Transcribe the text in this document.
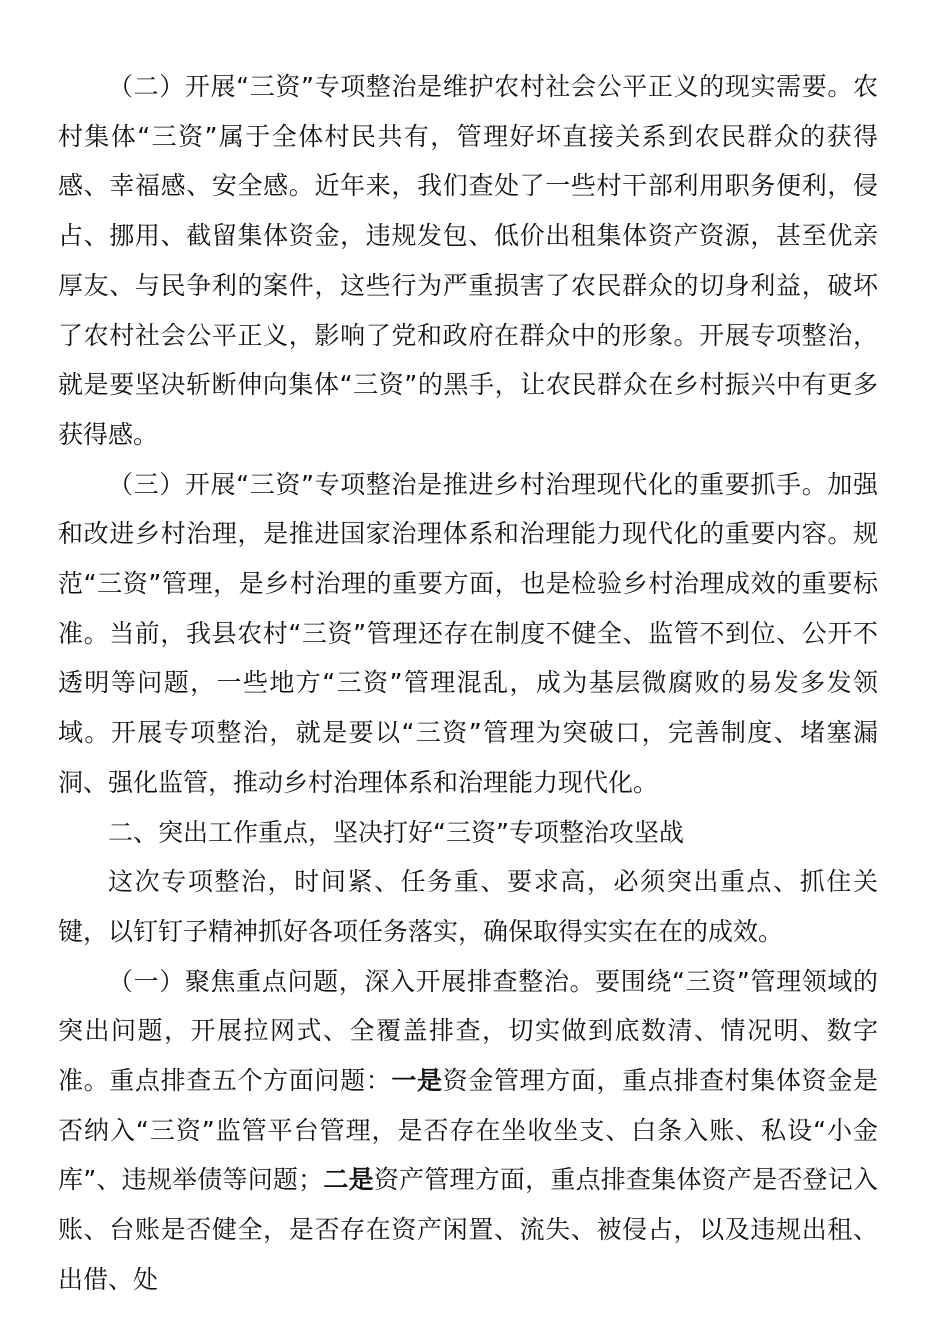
（二）开展“三资”专项整治是维护农村社会公平正义的现实需要。农村集体“三资”属于全体村民共有，管理好坏直接关系到农民群众的获得感、幸福感、安全感。近年来，我们查处了一些村干部利用职务便利，侵占、挪用、截留集体资金，违规发包、低价出租集体资产资源，甚至优亲厚友、与民争利的案件，这些行为严重损害了农民群众的切身利益，破坏了农村社会公平正义，影响了党和政府在群众中的形象。开展专项整治，就是要坚决斩断伸向集体“三资”的黑手，让农民群众在乡村振兴中有更多获得感。

（三）开展“三资”专项整治是推进乡村治理现代化的重要抓手。加强和改进乡村治理，是推进国家治理体系和治理能力现代化的重要内容。规范“三资”管理，是乡村治理的重要方面，也是检验乡村治理成效的重要标准。当前，我县农村“三资”管理还存在制度不健全、监管不到位、公开不透明等问题，一些地方“三资”管理混乱，成为基层微腐败的易发多发领域。开展专项整治，就是要以“三资”管理为突破口，完善制度、堵塞漏洞、强化监管，推动乡村治理体系和治理能力现代化。

二、突出工作重点，坚决打好“三资”专项整治攻坚战

这次专项整治，时间紧、任务重、要求高，必须突出重点、抓住关键，以钉钉子精神抓好各项任务落实，确保取得实实在在的成效。

（一）聚焦重点问题，深入开展排查整治。要围绕“三资”管理领域的突出问题，开展拉网式、全覆盖排查，切实做到底数清、情况明、数字准。重点排查五个方面问题：一是资金管理方面，重点排查村集体资金是否纳入“三资”监管平台管理，是否存在坐收坐支、白条入账、私设“小金库”、违规举债等问题；二是资产管理方面，重点排查集体资产是否登记入账、台账是否健全，是否存在资产闲置、流失、被侵占，以及违规出租、出借、处
